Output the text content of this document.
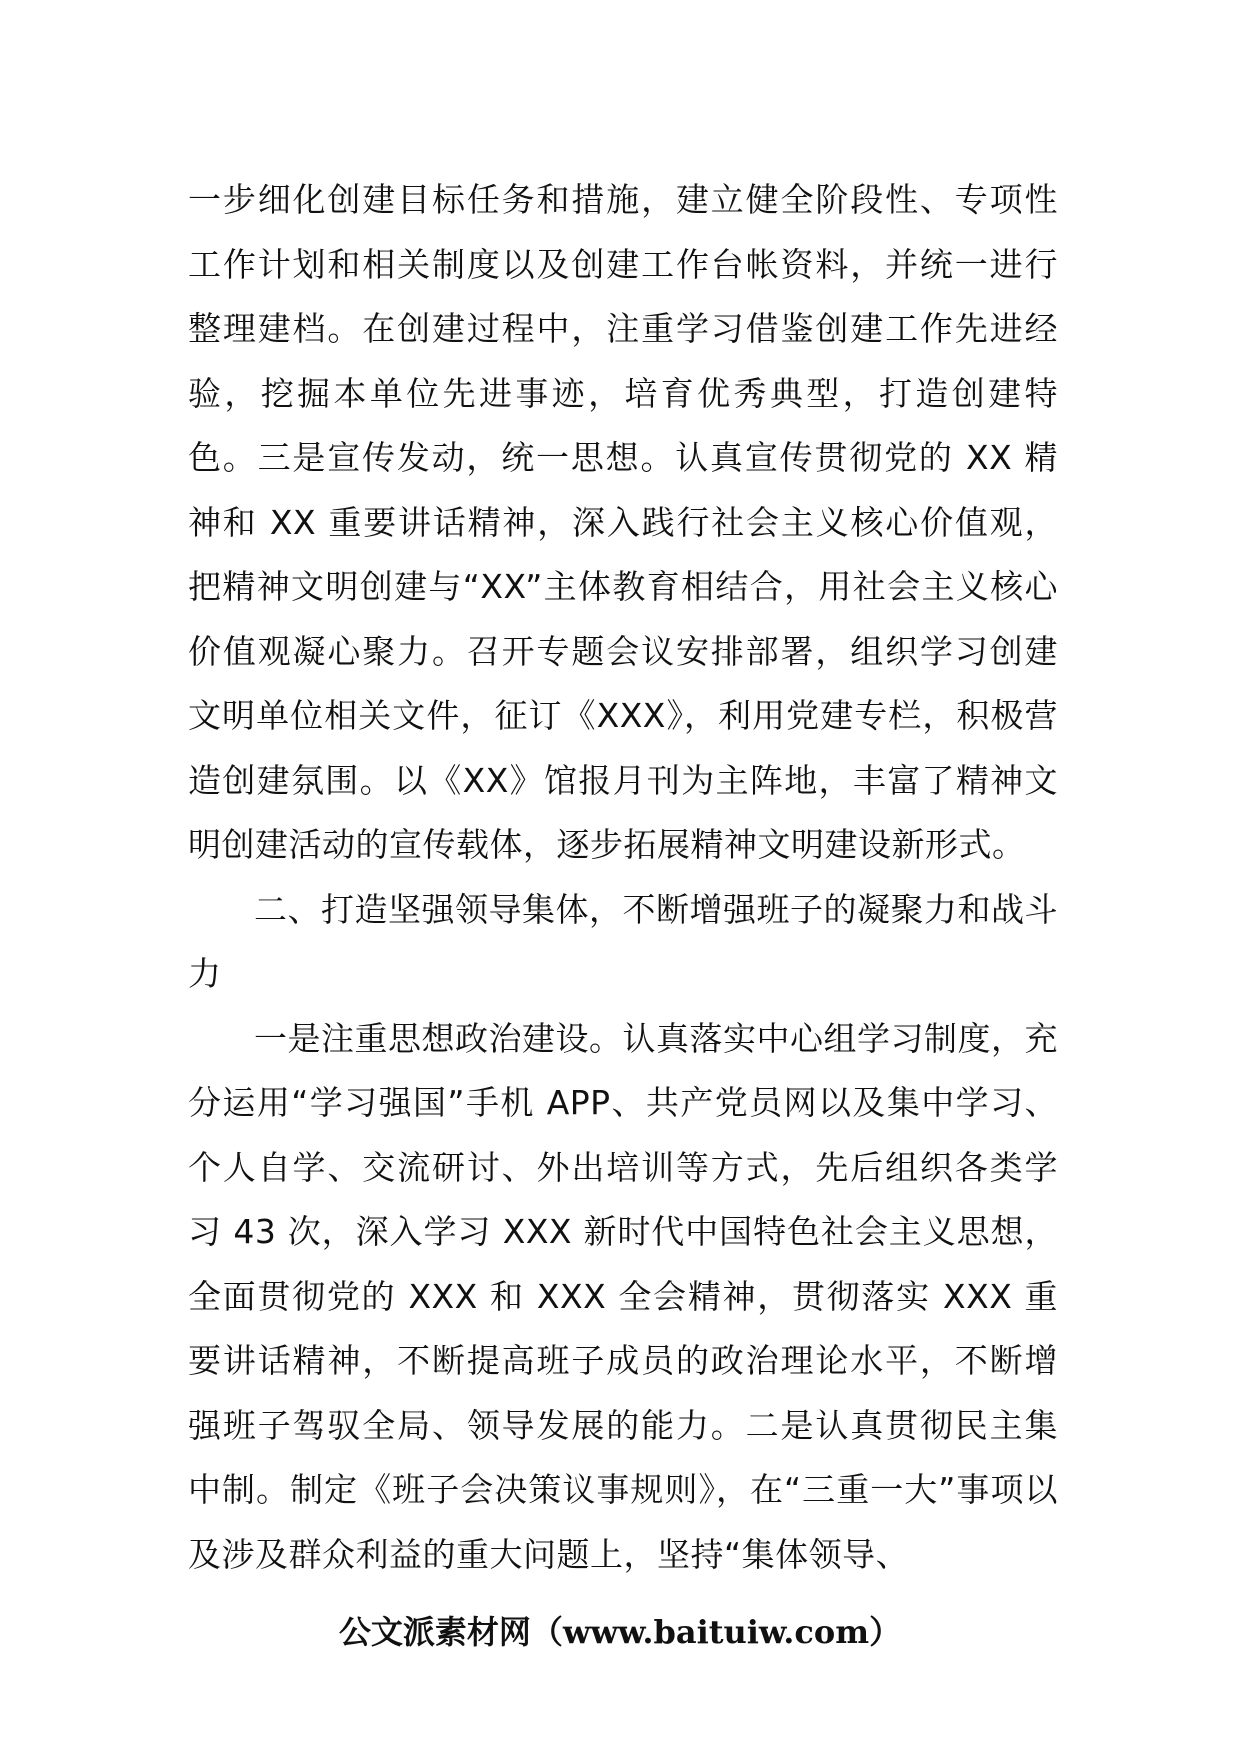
一步细化创建目标任务和措施，建立健全阶段性、专项性工作计划和相关制度以及创建工作台帐资料，并统一进行整理建档。在创建过程中，注重学习借鉴创建工作先进经验，挖掘本单位先进事迹，培育优秀典型，打造创建特色。三是宣传发动，统一思想。认真宣传贯彻党的 XX 精神和 XX 重要讲话精神，深入践行社会主义核心价值观，把精神文明创建与“XX”主体教育相结合，用社会主义核心价值观凝心聚力。召开专题会议安排部署，组织学习创建文明单位相关文件，征订《XXX》，利用党建专栏，积极营造创建氛围。以《XX》馆报月刊为主阵地，丰富了精神文明创建活动的宣传载体，逐步拓展精神文明建设新形式。

二、打造坚强领导集体，不断增强班子的凝聚力和战斗力

一是注重思想政治建设。认真落实中心组学习制度，充分运用“学习强国”手机 APP、共产党员网以及集中学习、个人自学、交流研讨、外出培训等方式，先后组织各类学习 43 次，深入学习 XXX 新时代中国特色社会主义思想，全面贯彻党的 XXX 和 XXX 全会精神，贯彻落实 XXX 重要讲话精神，不断提高班子成员的政治理论水平，不断增强班子驾驭全局、领导发展的能力。二是认真贯彻民主集中制。制定《班子会决策议事规则》，在“三重一大”事项以及涉及群众利益的重大问题上，坚持“集体领导、

公文派素材网（www.baituiw.com）
